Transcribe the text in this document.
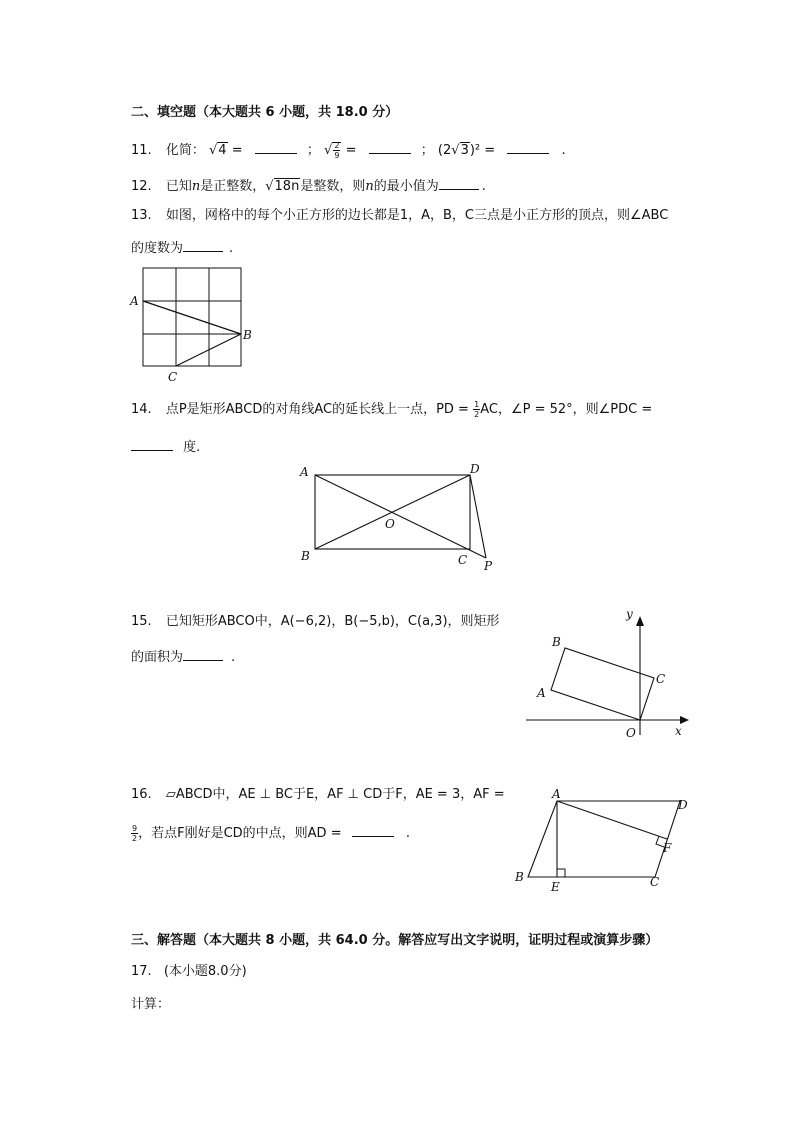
二、填空题（本大题共 6 小题，共 18.0 分）
11. 化简： √4 =	； √ $\frac{2}{9}$ =	； (2√3)² =	.
12. 已知n是正整数，√18n是整数，则n的最小值为	.
13. 如图，网格中的每个小正方形的边长都是1，A，B，C三点是小正方形的顶点，则∠ABC
的度数为	.
A
B
C
14. 点P是矩形ABCD的对角线AC的延长线上一点，PD = $\frac{1}{2}$ AC，∠P = 52°，则∠PDC =
度.
A	D
B	C
O
P
15. 已知矩形ABCO中，A(−6,2)，B(−5,b)，C(a,3)，则矩形
的面积为	.
y
x
O
A
B
C
16. ▱ABCD中，AE ⊥ BC于E，AF ⊥ CD于F，AE = 3，AF =
$\frac{9}{2}$ ，若点F刚好是CD的中点，则AD =	.
A
D
B
E	C
F
三、解答题（本大题共 8 小题，共 64.0 分。解答应写出文字说明，证明过程或演算步骤）
17. (本小题8.0分)
计算：
